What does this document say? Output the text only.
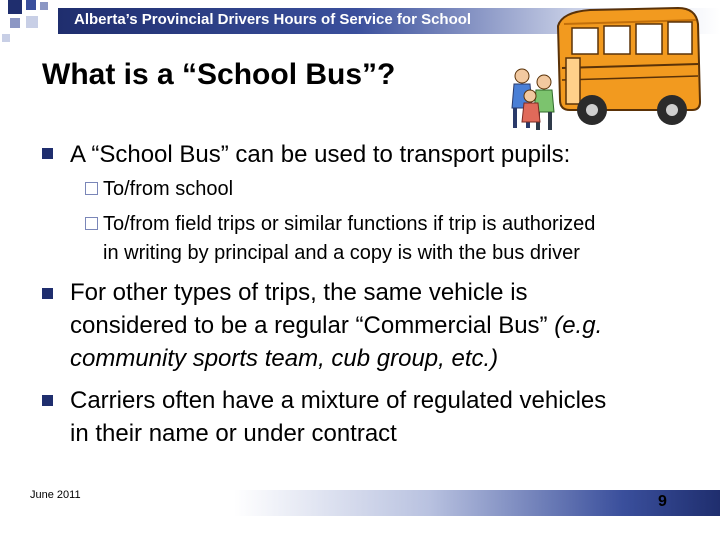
Alberta’s Provincial Drivers Hours of Service for School
What is a “School Bus”?
A “School Bus” can be used to transport pupils:
To/from school
To/from field trips or similar functions if trip is authorized
in writing by principal and a copy is with the bus driver
For other types of trips, the same vehicle is
considered to be a regular “Commercial Bus” (e.g.
community sports team, cub group, etc.)
Carriers often have a mixture of regulated vehicles
in their name or under contract
June 2011	9
